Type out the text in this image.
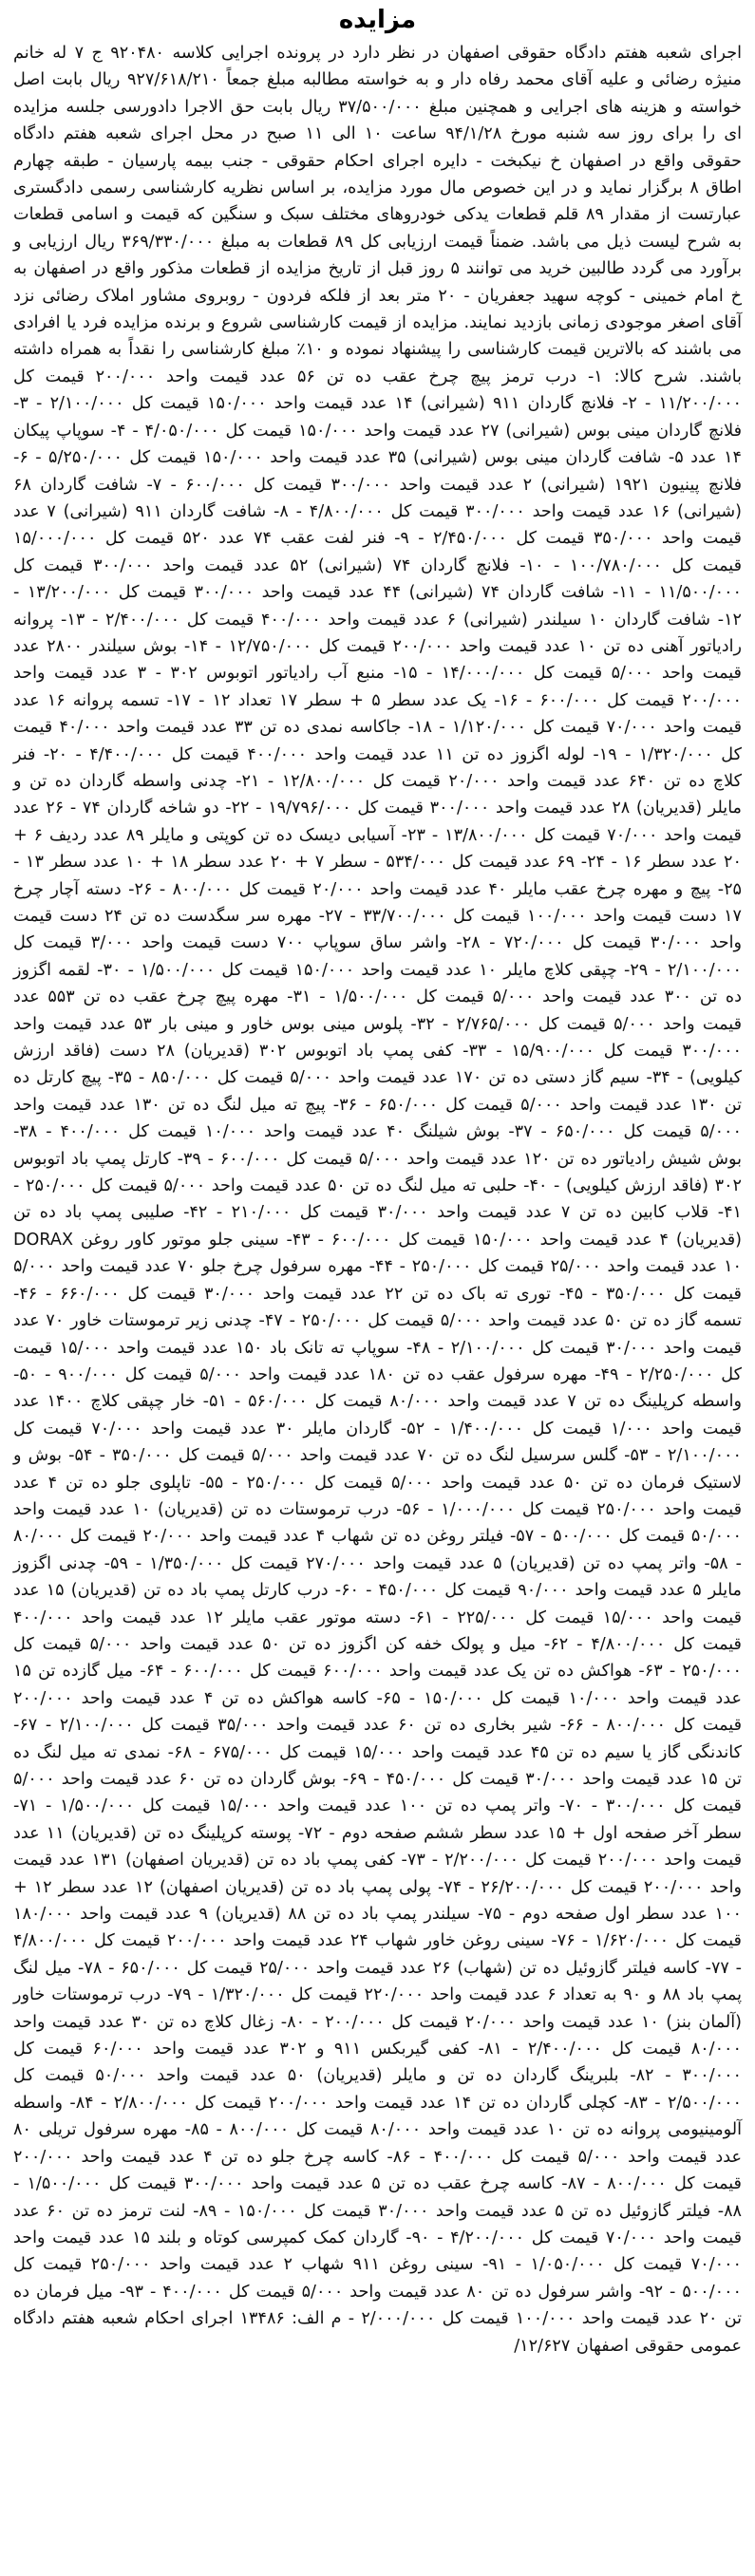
مزایده

اجرای شعبه هفتم دادگاه حقوقی اصفهان در نظر دارد در پرونده اجرایی کلاسه ۹۲۰۴۸۰ ج ۷ له خانم منیژه رضائی و علیه آقای محمد رفاه دار و به خواسته مطالبه مبلغ جمعاً ۹۲۷/۶۱۸/۲۱۰ ریال بابت اصل خواسته و هزینه های اجرایی و همچنین مبلغ ۳۷/۵۰۰/۰۰۰ ریال بابت حق الاجرا دادورسی جلسه مزایده ای را برای روز سه شنبه مورخ ۹۴/۱/۲۸ ساعت ۱۰ الی ۱۱ صبح در محل اجرای شعبه هفتم دادگاه حقوقی واقع در اصفهان خ نیکبخت - دایره اجرای احکام حقوقی - جنب بیمه پارسیان - طبقه چهارم اطاق ۸ برگزار نماید و در این خصوص مال مورد مزایده، بر اساس نظریه کارشناسی رسمی دادگستری عبارتست از مقدار ۸۹ قلم قطعات یدکی خودروهای مختلف سبک و سنگین که قیمت و اسامی قطعات به شرح لیست ذیل می باشد. ضمناً قیمت ارزیابی کل ۸۹ قطعات به مبلغ ۳۶۹/۳۳۰/۰۰۰ ریال ارزیابی و برآورد می گردد طالبین خرید می توانند ۵ روز قبل از تاریخ مزایده از قطعات مذکور واقع در اصفهان به خ امام خمینی - کوچه سهید جعفریان - ۲۰ متر بعد از فلکه فردون - روبروی مشاور املاک رضائی نزد آقای اصغر موجودی زمانی بازدید نمایند. مزایده از قیمت کارشناسی شروع و برنده مزایده فرد یا افرادی می باشند که بالاترین قیمت کارشناسی را پیشنهاد نموده و ۱۰٪ مبلغ کارشناسی را نقداً به همراه داشته باشند. شرح کالا: ۱- درب ترمز پیچ چرخ عقب ده تن ۵۶ عدد قیمت واحد ۲۰۰/۰۰۰ قیمت کل ۱۱/۲۰۰/۰۰۰ - ۲- فلانچ گاردان ۹۱۱ (شیرانی) ۱۴ عدد قیمت واحد ۱۵۰/۰۰۰ قیمت کل ۲/۱۰۰/۰۰۰ - ۳- فلانچ گاردان مینی بوس (شیرانی) ۲۷ عدد قیمت واحد ۱۵۰/۰۰۰ قیمت کل ۴/۰۵۰/۰۰۰ - ۴- سوپاپ پیکان ۱۴ عدد ۵- شافت گاردان مینی بوس (شیرانی) ۳۵ عدد قیمت واحد ۱۵۰/۰۰۰ قیمت کل ۵/۲۵۰/۰۰۰ - ۶- فلانچ پینیون ۱۹۲۱ (شیرانی) ۲ عدد قیمت واحد ۳۰۰/۰۰۰ قیمت کل ۶۰۰/۰۰۰ - ۷- شافت گاردان ۶۸ (شیرانی) ۱۶ عدد قیمت واحد ۳۰۰/۰۰۰ قیمت کل ۴/۸۰۰/۰۰۰ - ۸- شافت گاردان ۹۱۱ (شیرانی) ۷ عدد قیمت واحد ۳۵۰/۰۰۰ قیمت کل ۲/۴۵۰/۰۰۰ - ۹- فنر لفت عقب ۷۴ عدد ۵۲۰ قیمت کل ۱۵/۰۰۰/۰۰۰ قیمت کل ۱۰۰/۷۸۰/۰۰۰ - ۱۰- فلانچ گاردان ۷۴ (شیرانی) ۵۲ عدد قیمت واحد ۳۰۰/۰۰۰ قیمت کل ۱۱/۵۰۰/۰۰۰ - ۱۱- شافت گاردان ۷۴ (شیرانی) ۴۴ عدد قیمت واحد ۳۰۰/۰۰۰ قیمت کل ۱۳/۲۰۰/۰۰۰ - ۱۲- شافت گاردان ۱۰ سیلندر (شیرانی) ۶ عدد قیمت واحد ۴۰۰/۰۰۰ قیمت کل ۲/۴۰۰/۰۰۰ - ۱۳- پروانه رادیاتور آهنی ده تن ۱۰ عدد قیمت واحد ۲۰۰/۰۰۰ قیمت کل ۱۲/۷۵۰/۰۰۰ - ۱۴- بوش سیلندر ۲۸۰۰ عدد قیمت واحد ۵/۰۰۰ قیمت کل ۱۴/۰۰۰/۰۰۰ - ۱۵- منبع آب رادیاتور اتوبوس ۳۰۲ - ۳ عدد قیمت واحد ۲۰۰/۰۰۰ قیمت کل ۶۰۰/۰۰۰ - ۱۶- یک عدد سطر ۵ + سطر ۱۷ تعداد ۱۲ - ۱۷- تسمه پروانه ۱۶ عدد قیمت واحد ۷۰/۰۰۰ قیمت کل ۱/۱۲۰/۰۰۰ - ۱۸- جاکاسه نمدی ده تن ۳۳ عدد قیمت واحد ۴۰/۰۰۰ قیمت کل ۱/۳۲۰/۰۰۰ - ۱۹- لوله اگزوز ده تن ۱۱ عدد قیمت واحد ۴۰۰/۰۰۰ قیمت کل ۴/۴۰۰/۰۰۰ - ۲۰- فنر کلاچ ده تن ۶۴۰ عدد قیمت واحد ۲۰/۰۰۰ قیمت کل ۱۲/۸۰۰/۰۰۰ - ۲۱- چدنی واسطه گاردان ده تن و مایلر (قدیریان) ۲۸ عدد قیمت واحد ۳۰۰/۰۰۰ قیمت کل ۱۹/۷۹۶/۰۰۰ - ۲۲- دو شاخه گاردان ۷۴ - ۲۶ عدد قیمت واحد ۷۰/۰۰۰ قیمت کل ۱۳/۸۰۰/۰۰۰ - ۲۳- آسیابی دیسک ده تن کوپتی و مایلر ۸۹ عدد ردیف ۶ + ۲۰ عدد سطر ۱۶ - ۲۴- ۶۹ عدد قیمت کل ۵۳۴/۰۰۰ - سطر ۷ + ۲۰ عدد سطر ۱۸ + ۱۰ عدد سطر ۱۳ - ۲۵- پیچ و مهره چرخ عقب مایلر ۴۰ عدد قیمت واحد ۲۰/۰۰۰ قیمت کل ۸۰۰/۰۰۰ - ۲۶- دسته آچار چرخ ۱۷ دست قیمت واحد ۱۰۰/۰۰۰ قیمت کل ۳۳/۷۰۰/۰۰۰ - ۲۷- مهره سر سگدست ده تن ۲۴ دست قیمت واحد ۳۰/۰۰۰ قیمت کل ۷۲۰/۰۰۰ - ۲۸- واشر ساق سوپاپ ۷۰۰ دست قیمت واحد ۳/۰۰۰ قیمت کل ۲/۱۰۰/۰۰۰ - ۲۹- چپقی کلاچ مایلر ۱۰ عدد قیمت واحد ۱۵۰/۰۰۰ قیمت کل ۱/۵۰۰/۰۰۰ - ۳۰- لقمه اگزوز ده تن ۳۰۰ عدد قیمت واحد ۵/۰۰۰ قیمت کل ۱/۵۰۰/۰۰۰ - ۳۱- مهره پیچ چرخ عقب ده تن ۵۵۳ عدد قیمت واحد ۵/۰۰۰ قیمت کل ۲/۷۶۵/۰۰۰ - ۳۲- پلوس مینی بوس خاور و مینی بار ۵۳ عدد قیمت واحد ۳۰۰/۰۰۰ قیمت کل ۱۵/۹۰۰/۰۰۰ - ۳۳- کفی پمپ باد اتوبوس ۳۰۲ (قدیریان) ۲۸ دست (فاقد ارزش کیلویی) - ۳۴- سیم گاز دستی ده تن ۱۷۰ عدد قیمت واحد ۵/۰۰۰ قیمت کل ۸۵۰/۰۰۰ - ۳۵- پیچ کارتل ده تن ۱۳۰ عدد قیمت واحد ۵/۰۰۰ قیمت کل ۶۵۰/۰۰۰ - ۳۶- پیچ ته میل لنگ ده تن ۱۳۰ عدد قیمت واحد ۵/۰۰۰ قیمت کل ۶۵۰/۰۰۰ - ۳۷- بوش شیلنگ ۴۰ عدد قیمت واحد ۱۰/۰۰۰ قیمت کل ۴۰۰/۰۰۰ - ۳۸- بوش شیش رادیاتور ده تن ۱۲۰ عدد قیمت واحد ۵/۰۰۰ قیمت کل ۶۰۰/۰۰۰ - ۳۹- کارتل پمپ باد اتوبوس ۳۰۲ (فاقد ارزش کیلویی) - ۴۰- حلبی ته میل لنگ ده تن ۵۰ عدد قیمت واحد ۵/۰۰۰ قیمت کل ۲۵۰/۰۰۰ - ۴۱- قلاب کابین ده تن ۷ عدد قیمت واحد ۳۰/۰۰۰ قیمت کل ۲۱۰/۰۰۰ - ۴۲- صلیبی پمپ باد ده تن (قدیریان) ۴ عدد قیمت واحد ۱۵۰/۰۰۰ قیمت کل ۶۰۰/۰۰۰ - ۴۳- سینی جلو موتور کاور روغن DORAX ۱۰ عدد قیمت واحد ۲۵/۰۰۰ قیمت کل ۲۵۰/۰۰۰ - ۴۴- مهره سرفول چرخ جلو ۷۰ عدد قیمت واحد ۵/۰۰۰ قیمت کل ۳۵۰/۰۰۰ - ۴۵- توری ته باک ده تن ۲۲ عدد قیمت واحد ۳۰/۰۰۰ قیمت کل ۶۶۰/۰۰۰ - ۴۶- تسمه گاز ده تن ۵۰ عدد قیمت واحد ۵/۰۰۰ قیمت کل ۲۵۰/۰۰۰ - ۴۷- چدنی زیر ترموستات خاور ۷۰ عدد قیمت واحد ۳۰/۰۰۰ قیمت کل ۲/۱۰۰/۰۰۰ - ۴۸- سوپاپ ته تانک باد ۱۵۰ عدد قیمت واحد ۱۵/۰۰۰ قیمت کل ۲/۲۵۰/۰۰۰ - ۴۹- مهره سرفول عقب ده تن ۱۸۰ عدد قیمت واحد ۵/۰۰۰ قیمت کل ۹۰۰/۰۰۰ - ۵۰- واسطه کرپلینگ ده تن ۷ عدد قیمت واحد ۸۰/۰۰۰ قیمت کل ۵۶۰/۰۰۰ - ۵۱- خار چپقی کلاچ ۱۴۰۰ عدد قیمت واحد ۱/۰۰۰ قیمت کل ۱/۴۰۰/۰۰۰ - ۵۲- گاردان مایلر ۳۰ عدد قیمت واحد ۷۰/۰۰۰ قیمت کل ۲/۱۰۰/۰۰۰ - ۵۳- گلس سرسیل لنگ ده تن ۷۰ عدد قیمت واحد ۵/۰۰۰ قیمت کل ۳۵۰/۰۰۰ - ۵۴- بوش و لاستیک فرمان ده تن ۵۰ عدد قیمت واحد ۵/۰۰۰ قیمت کل ۲۵۰/۰۰۰ - ۵۵- تاپلوی جلو ده تن ۴ عدد قیمت واحد ۲۵۰/۰۰۰ قیمت کل ۱/۰۰۰/۰۰۰ - ۵۶- درب ترموستات ده تن (قدیریان) ۱۰ عدد قیمت واحد ۵۰/۰۰۰ قیمت کل ۵۰۰/۰۰۰ - ۵۷- فیلتر روغن ده تن شهاب ۴ عدد قیمت واحد ۲۰/۰۰۰ قیمت کل ۸۰/۰۰۰ - ۵۸- واتر پمپ ده تن (قدیریان) ۵ عدد قیمت واحد ۲۷۰/۰۰۰ قیمت کل ۱/۳۵۰/۰۰۰ - ۵۹- چدنی اگزوز مایلر ۵ عدد قیمت واحد ۹۰/۰۰۰ قیمت کل ۴۵۰/۰۰۰ - ۶۰- درب کارتل پمپ باد ده تن (قدیریان) ۱۵ عدد قیمت واحد ۱۵/۰۰۰ قیمت کل ۲۲۵/۰۰۰ - ۶۱- دسته موتور عقب مایلر ۱۲ عدد قیمت واحد ۴۰۰/۰۰۰ قیمت کل ۴/۸۰۰/۰۰۰ - ۶۲- میل و پولک خفه کن اگزوز ده تن ۵۰ عدد قیمت واحد ۵/۰۰۰ قیمت کل ۲۵۰/۰۰۰ - ۶۳- هواکش ده تن یک عدد قیمت واحد ۶۰۰/۰۰۰ قیمت کل ۶۰۰/۰۰۰ - ۶۴- میل گازده تن ۱۵ عدد قیمت واحد ۱۰/۰۰۰ قیمت کل ۱۵۰/۰۰۰ - ۶۵- کاسه هواکش ده تن ۴ عدد قیمت واحد ۲۰۰/۰۰۰ قیمت کل ۸۰۰/۰۰۰ - ۶۶- شیر بخاری ده تن ۶۰ عدد قیمت واحد ۳۵/۰۰۰ قیمت کل ۲/۱۰۰/۰۰۰ - ۶۷- کاندنگی گاز یا سیم ده تن ۴۵ عدد قیمت واحد ۱۵/۰۰۰ قیمت کل ۶۷۵/۰۰۰ - ۶۸- نمدی ته میل لنگ ده تن ۱۵ عدد قیمت واحد ۳۰/۰۰۰ قیمت کل ۴۵۰/۰۰۰ - ۶۹- بوش گاردان ده تن ۶۰ عدد قیمت واحد ۵/۰۰۰ قیمت کل ۳۰۰/۰۰۰ - ۷۰- واتر پمپ ده تن ۱۰۰ عدد قیمت واحد ۱۵/۰۰۰ قیمت کل ۱/۵۰۰/۰۰۰ - ۷۱- سطر آخر صفحه اول + ۱۵ عدد سطر ششم صفحه دوم - ۷۲- پوسته کرپلینگ ده تن (قدیریان) ۱۱ عدد قیمت واحد ۲۰۰/۰۰۰ قیمت کل ۲/۲۰۰/۰۰۰ - ۷۳- کفی پمپ باد ده تن (قدیریان اصفهان) ۱۳۱ عدد قیمت واحد ۲۰۰/۰۰۰ قیمت کل ۲۶/۲۰۰/۰۰۰ - ۷۴- پولی پمپ باد ده تن (قدیریان اصفهان) ۱۲ عدد سطر ۱۲ + ۱۰۰ عدد سطر اول صفحه دوم - ۷۵- سیلندر پمپ باد ده تن ۸۸ (قدیریان) ۹ عدد قیمت واحد ۱۸۰/۰۰۰ قیمت کل ۱/۶۲۰/۰۰۰ - ۷۶- سینی روغن خاور شهاب ۲۴ عدد قیمت واحد ۲۰۰/۰۰۰ قیمت کل ۴/۸۰۰/۰۰۰ - ۷۷- کاسه فیلتر گازوئیل ده تن (شهاب) ۲۶ عدد قیمت واحد ۲۵/۰۰۰ قیمت کل ۶۵۰/۰۰۰ - ۷۸- میل لنگ پمپ باد ۸۸ و ۹۰ به تعداد ۶ عدد قیمت واحد ۲۲۰/۰۰۰ قیمت کل ۱/۳۲۰/۰۰۰ - ۷۹- درب ترموستات خاور (آلمان بنز) ۱۰ عدد قیمت واحد ۲۰/۰۰۰ قیمت کل ۲۰۰/۰۰۰ - ۸۰- زغال کلاچ ده تن ۳۰ عدد قیمت واحد ۸۰/۰۰۰ قیمت کل ۲/۴۰۰/۰۰۰ - ۸۱- کفی گیربکس ۹۱۱ و ۳۰۲ عدد قیمت واحد ۶۰/۰۰۰ قیمت کل ۳۰۰/۰۰۰ - ۸۲- بلبرینگ گاردان ده تن و مایلر (قدیریان) ۵۰ عدد قیمت واحد ۵۰/۰۰۰ قیمت کل ۲/۵۰۰/۰۰۰ - ۸۳- کچلی گاردان ده تن ۱۴ عدد قیمت واحد ۲۰۰/۰۰۰ قیمت کل ۲/۸۰۰/۰۰۰ - ۸۴- واسطه آلومینیومی پروانه ده تن ۱۰ عدد قیمت واحد ۸۰/۰۰۰ قیمت کل ۸۰۰/۰۰۰ - ۸۵- مهره سرفول تریلی ۸۰ عدد قیمت واحد ۵/۰۰۰ قیمت کل ۴۰۰/۰۰۰ - ۸۶- کاسه چرخ جلو ده تن ۴ عدد قیمت واحد ۲۰۰/۰۰۰ قیمت کل ۸۰۰/۰۰۰ - ۸۷- کاسه چرخ عقب ده تن ۵ عدد قیمت واحد ۳۰۰/۰۰۰ قیمت کل ۱/۵۰۰/۰۰۰ - ۸۸- فیلتر گازوئیل ده تن ۵ عدد قیمت واحد ۳۰/۰۰۰ قیمت کل ۱۵۰/۰۰۰ - ۸۹- لنت ترمز ده تن ۶۰ عدد قیمت واحد ۷۰/۰۰۰ قیمت کل ۴/۲۰۰/۰۰۰ - ۹۰- گاردان کمک کمپرسی کوتاه و بلند ۱۵ عدد قیمت واحد ۷۰/۰۰۰ قیمت کل ۱/۰۵۰/۰۰۰ - ۹۱- سینی روغن ۹۱۱ شهاب ۲ عدد قیمت واحد ۲۵۰/۰۰۰ قیمت کل ۵۰۰/۰۰۰ - ۹۲- واشر سرفول ده تن ۸۰ عدد قیمت واحد ۵/۰۰۰ قیمت کل ۴۰۰/۰۰۰ - ۹۳- میل فرمان ده تن ۲۰ عدد قیمت واحد ۱۰۰/۰۰۰ قیمت کل ۲/۰۰۰/۰۰۰ - م الف: ۱۳۴۸۶ اجرای احکام شعبه هفتم دادگاه عمومی حقوقی اصفهان ۱۲/۶۲۷/
